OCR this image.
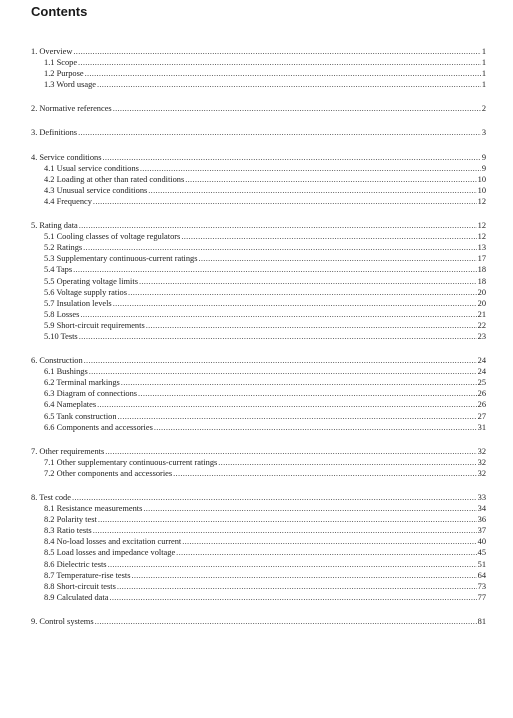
Contents
1. Overview .....	1
1.1 Scope .....	1
1.2 Purpose .....	1
1.3 Word usage .....	1
2. Normative references .....	2
3. Definitions .....	3
4. Service conditions .....	9
4.1 Usual service conditions .....	9
4.2 Loading at other than rated conditions .....	10
4.3 Unusual service conditions .....	10
4.4 Frequency .....	12
5. Rating data .....	12
5.1 Cooling classes of voltage regulators .....	12
5.2 Ratings .....	13
5.3 Supplementary continuous-current ratings .....	17
5.4 Taps .....	18
5.5 Operating voltage limits .....	18
5.6 Voltage supply ratios .....	20
5.7 Insulation levels .....	20
5.8 Losses .....	21
5.9 Short-circuit requirements .....	22
5.10 Tests .....	23
6. Construction .....	24
6.1 Bushings .....	24
6.2 Terminal markings .....	25
6.3 Diagram of connections .....	26
6.4 Nameplates .....	26
6.5 Tank construction .....	27
6.6 Components and accessories .....	31
7. Other requirements .....	32
7.1 Other supplementary continuous-current ratings .....	32
7.2 Other components and accessories .....	32
8. Test code .....	33
8.1 Resistance measurements .....	34
8.2 Polarity test .....	36
8.3 Ratio tests .....	37
8.4 No-load losses and excitation current .....	40
8.5 Load losses and impedance voltage .....	45
8.6 Dielectric tests .....	51
8.7 Temperature-rise tests .....	64
8.8 Short-circuit tests .....	73
8.9 Calculated data .....	77
9. Control systems .....	81
